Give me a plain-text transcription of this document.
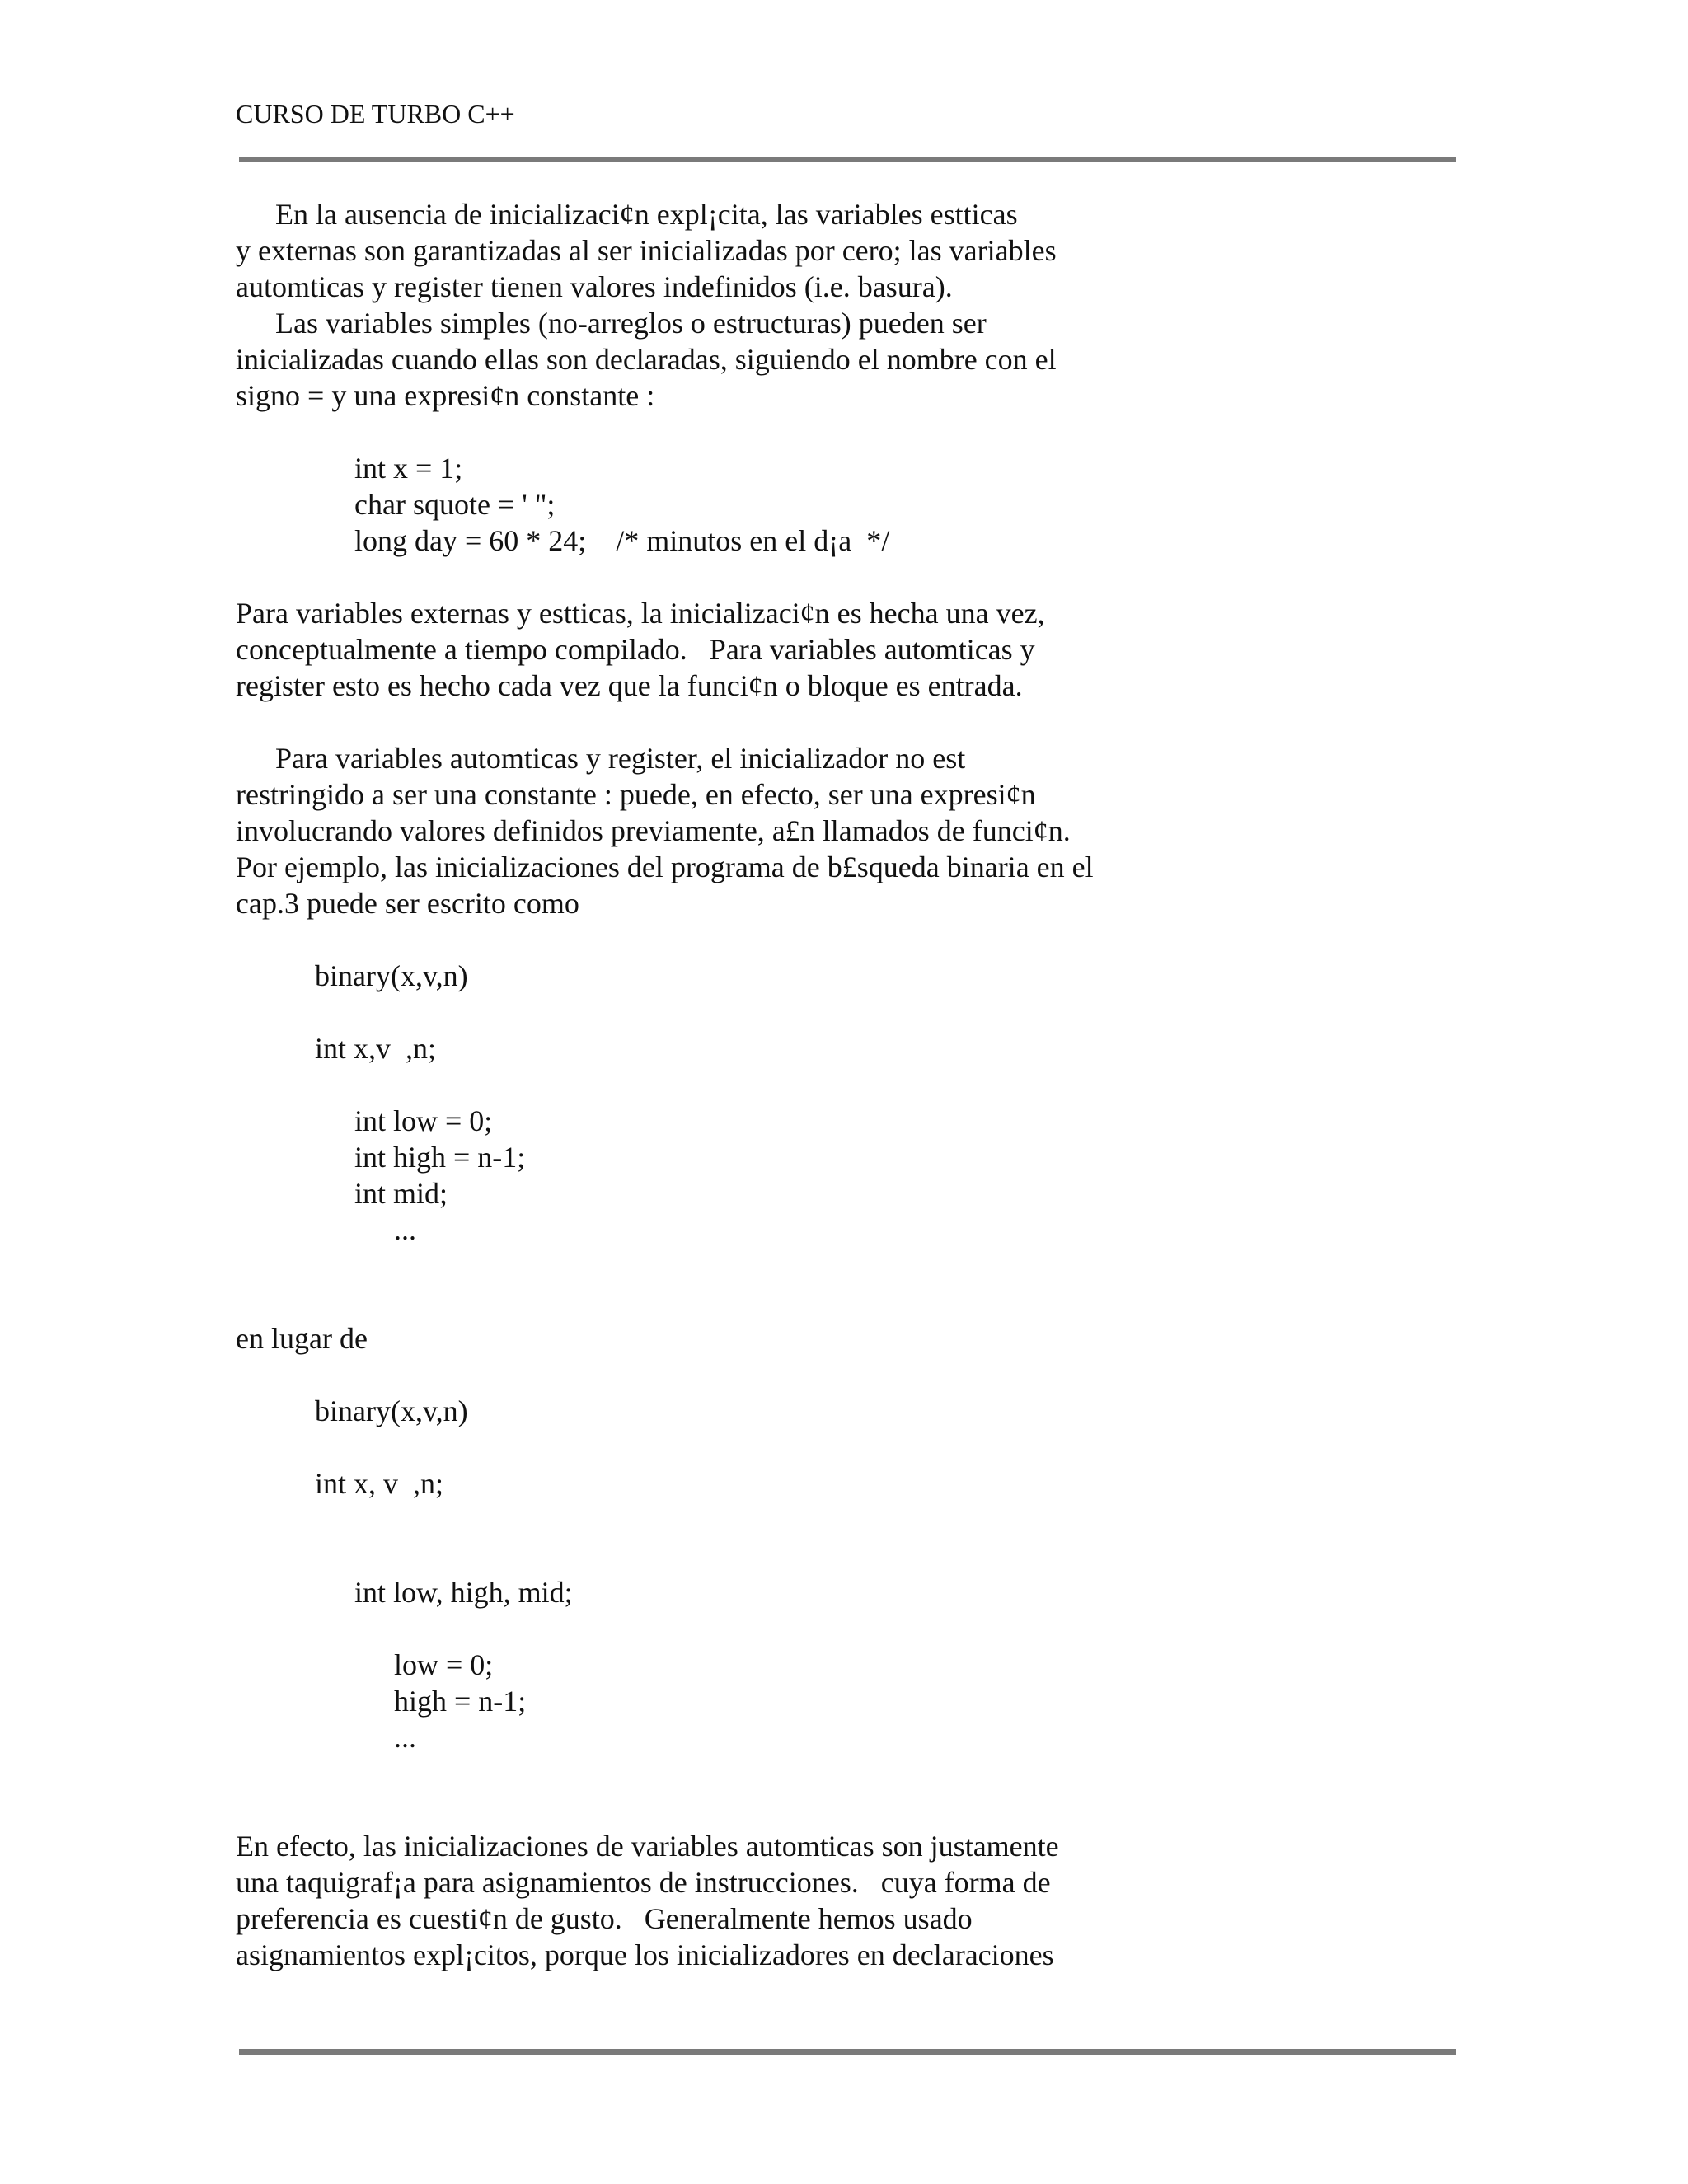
CURSO DE TURBO C++
En la ausencia de inicializaci¢n expl¡cita, las variables estticas
y externas son garantizadas al ser inicializadas por cero; las variables
automticas y register tienen valores indefinidos (i.e. basura).
Las variables simples (no-arreglos o estructuras) pueden ser
inicializadas cuando ellas son declaradas, siguiendo el nombre con el
signo = y una expresi¢n constante :
int x = 1;
char squote = ' ";
long day = 60 * 24;    /* minutos en el d¡a  */
Para variables externas y estticas, la inicializaci¢n es hecha una vez,
conceptualmente a tiempo compilado.   Para variables automticas y
register esto es hecho cada vez que la funci¢n o bloque es entrada.
Para variables automticas y register, el inicializador no est
restringido a ser una constante : puede, en efecto, ser una expresi¢n
involucrando valores definidos previamente, a£n llamados de funci¢n.
Por ejemplo, las inicializaciones del programa de b£squeda binaria en el
cap.3 puede ser escrito como
binary(x,v,n)
int x,v  ,n;
int low = 0;
int high = n-1;
int mid;
...
en lugar de
binary(x,v,n)
int x, v  ,n;
int low, high, mid;
low = 0;
high = n-1;
...
En efecto, las inicializaciones de variables automticas son justamente
una taquigraf¡a para asignamientos de instrucciones.   cuya forma de
preferencia es cuesti¢n de gusto.   Generalmente hemos usado
asignamientos expl¡citos, porque los inicializadores en declaraciones
